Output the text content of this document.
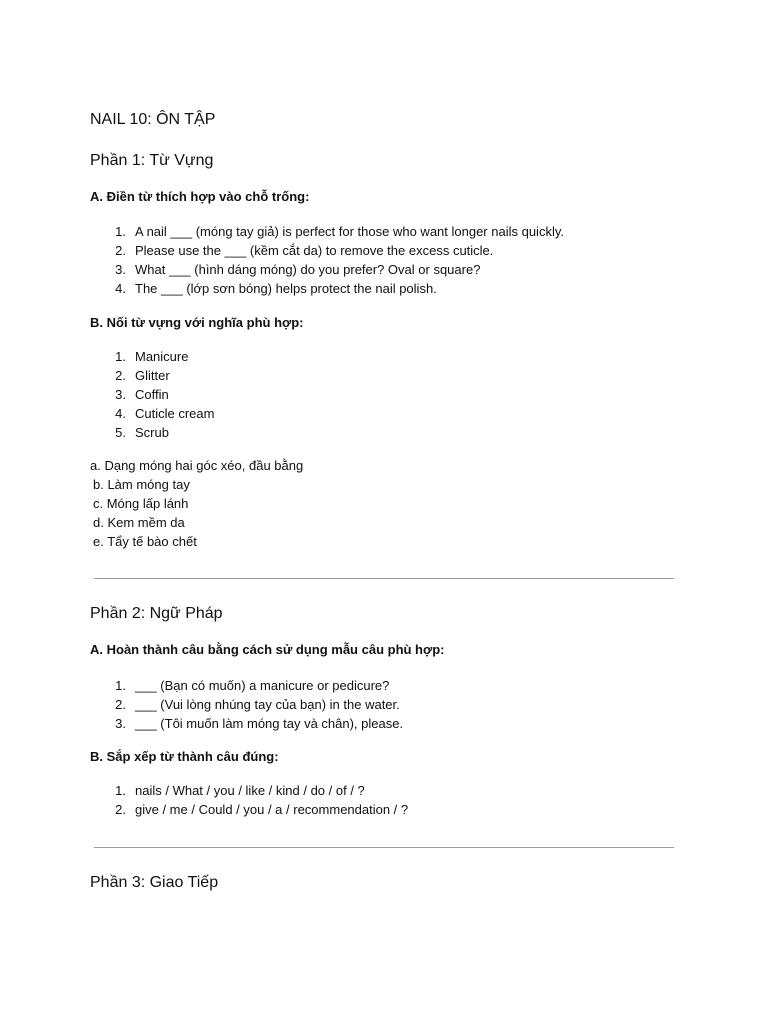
NAIL 10: ÔN TẬP
Phần 1: Từ Vựng
A. Điền từ thích hợp vào chỗ trống:
1. A nail ___ (móng tay giả) is perfect for those who want longer nails quickly.
2. Please use the ___ (kềm cắt da) to remove the excess cuticle.
3. What ___ (hình dáng móng) do you prefer? Oval or square?
4. The ___ (lớp sơn bóng) helps protect the nail polish.
B. Nối từ vựng với nghĩa phù hợp:
1. Manicure
2. Glitter
3. Coffin
4. Cuticle cream
5. Scrub
a. Dạng móng hai góc xéo, đầu bằng
b. Làm móng tay
c. Móng lấp lánh
d. Kem mềm da
e. Tẩy tế bào chết
Phần 2: Ngữ Pháp
A. Hoàn thành câu bằng cách sử dụng mẫu câu phù hợp:
1. ___ (Bạn có muốn) a manicure or pedicure?
2. ___ (Vui lòng nhúng tay của bạn) in the water.
3. ___ (Tôi muốn làm móng tay và chân), please.
B. Sắp xếp từ thành câu đúng:
1. nails / What / you / like / kind / do / of / ?
2. give / me / Could / you / a / recommendation / ?
Phần 3: Giao Tiếp
